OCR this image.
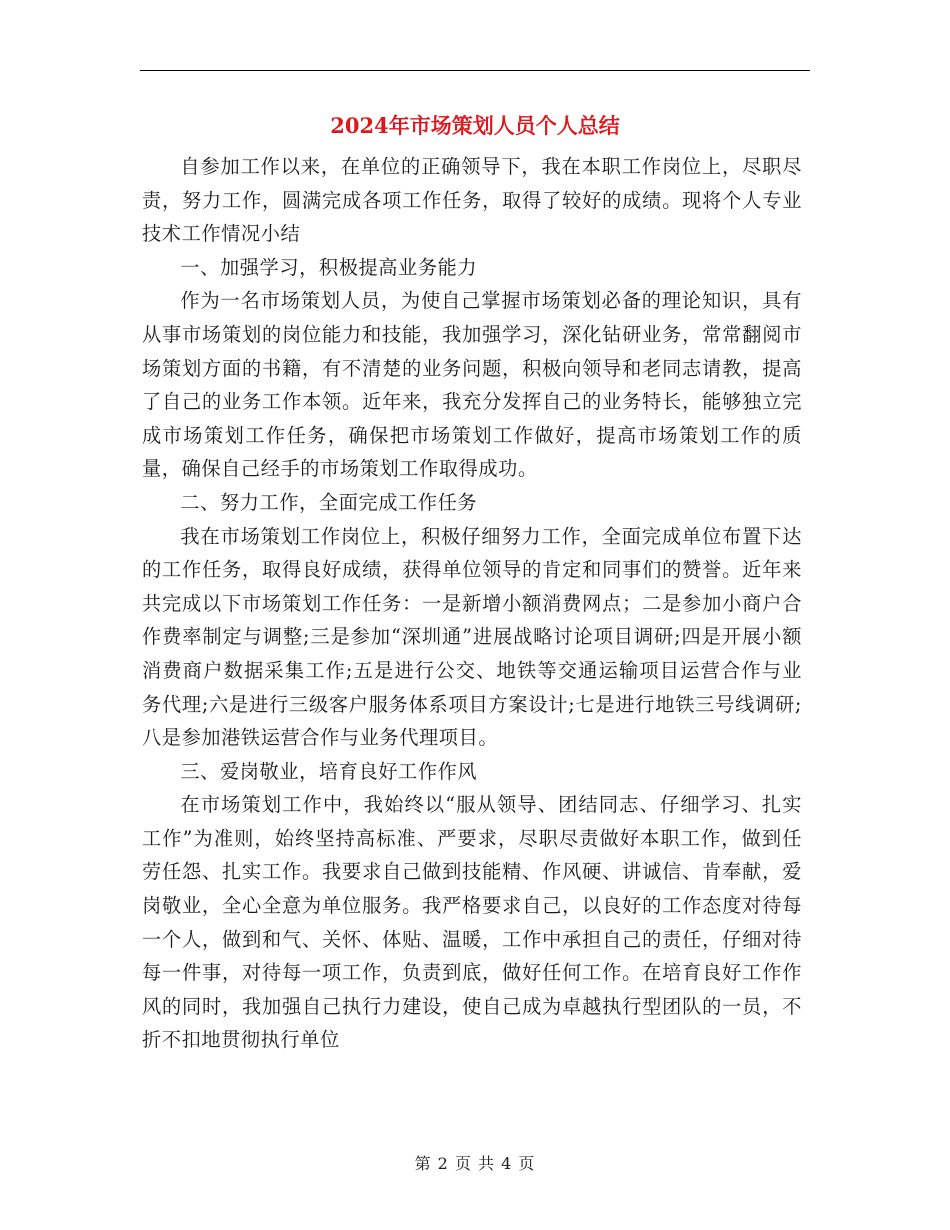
2024年市场策划人员个人总结

自参加工作以来，在单位的正确领导下，我在本职工作岗位上，尽职尽责，努力工作，圆满完成各项工作任务，取得了较好的成绩。现将个人专业技术工作情况小结

一、加强学习，积极提高业务能力

作为一名市场策划人员，为使自己掌握市场策划必备的理论知识，具有从事市场策划的岗位能力和技能，我加强学习，深化钻研业务，常常翻阅市场策划方面的书籍，有不清楚的业务问题，积极向领导和老同志请教，提高了自己的业务工作本领。近年来，我充分发挥自己的业务特长，能够独立完成市场策划工作任务，确保把市场策划工作做好，提高市场策划工作的质量，确保自己经手的市场策划工作取得成功。

二、努力工作，全面完成工作任务

我在市场策划工作岗位上，积极仔细努力工作，全面完成单位布置下达的工作任务，取得良好成绩，获得单位领导的肯定和同事们的赞誉。近年来共完成以下市场策划工作任务：一是新增小额消费网点；二是参加小商户合作费率制定与调整;三是参加“深圳通”进展战略讨论项目调研;四是开展小额消费商户数据采集工作;五是进行公交、地铁等交通运输项目运营合作与业务代理;六是进行三级客户服务体系项目方案设计;七是进行地铁三号线调研;八是参加港铁运营合作与业务代理项目。

三、爱岗敬业，培育良好工作作风

在市场策划工作中，我始终以“服从领导、团结同志、仔细学习、扎实工作”为准则，始终坚持高标准、严要求，尽职尽责做好本职工作，做到任劳任怨、扎实工作。我要求自己做到技能精、作风硬、讲诚信、肯奉献，爱岗敬业，全心全意为单位服务。我严格要求自己，以良好的工作态度对待每一个人，做到和气、关怀、体贴、温暖，工作中承担自己的责任，仔细对待每一件事，对待每一项工作，负责到底，做好任何工作。在培育良好工作作风的同时，我加强自己执行力建设，使自己成为卓越执行型团队的一员，不折不扣地贯彻执行单位

第 2 页 共 4 页
